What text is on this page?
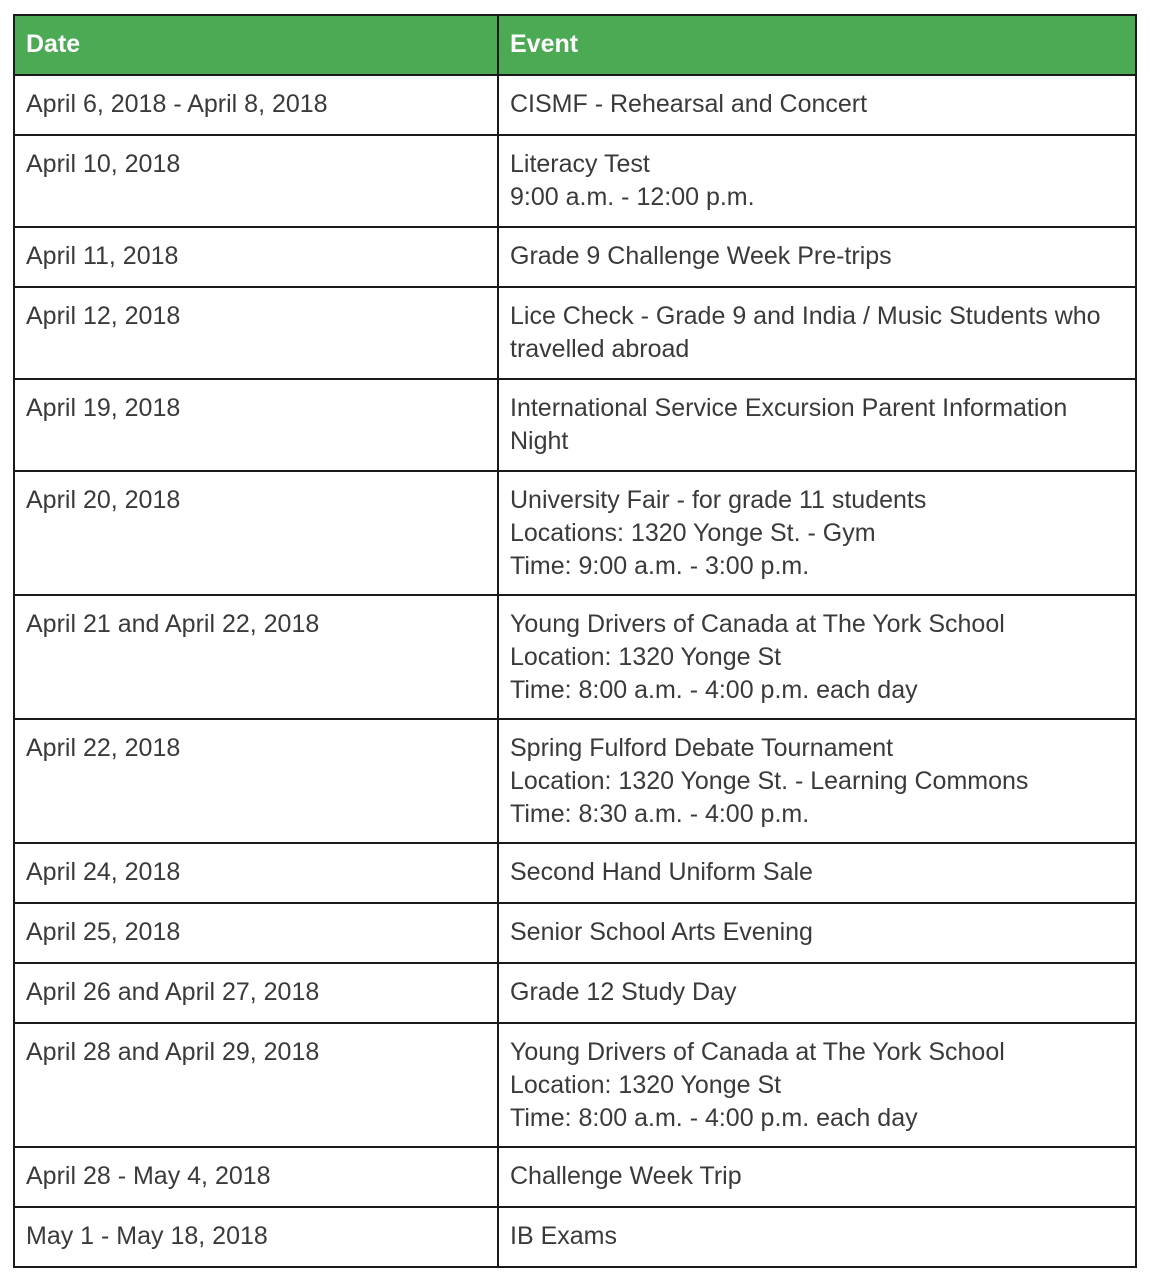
Date	Event
April 6, 2018 - April 8, 2018	CISMF - Rehearsal and Concert

April 10, 2018	Literacy Test
9:00 a.m. - 12:00 p.m.

April 11, 2018	Grade 9 Challenge Week Pre-trips

April 12, 2018	Lice Check - Grade 9 and India / Music Students who travelled abroad

April 19, 2018	International Service Excursion Parent Information Night

April 20, 2018	University Fair - for grade 11 students
Locations: 1320 Yonge St. - Gym
Time: 9:00 a.m. - 3:00 p.m.

April 21 and April 22, 2018	Young Drivers of Canada at The York School
Location: 1320 Yonge St
Time: 8:00 a.m. - 4:00 p.m. each day

April 22, 2018	Spring Fulford Debate Tournament
Location: 1320 Yonge St. - Learning Commons
Time: 8:30 a.m. - 4:00 p.m.

April 24, 2018	Second Hand Uniform Sale

April 25, 2018	Senior School Arts Evening

April 26 and April 27, 2018	Grade 12 Study Day

April 28 and April 29, 2018	Young Drivers of Canada at The York School
Location: 1320 Yonge St
Time: 8:00 a.m. - 4:00 p.m. each day

April 28 - May 4, 2018	Challenge Week Trip

May 1 - May 18, 2018	IB Exams
